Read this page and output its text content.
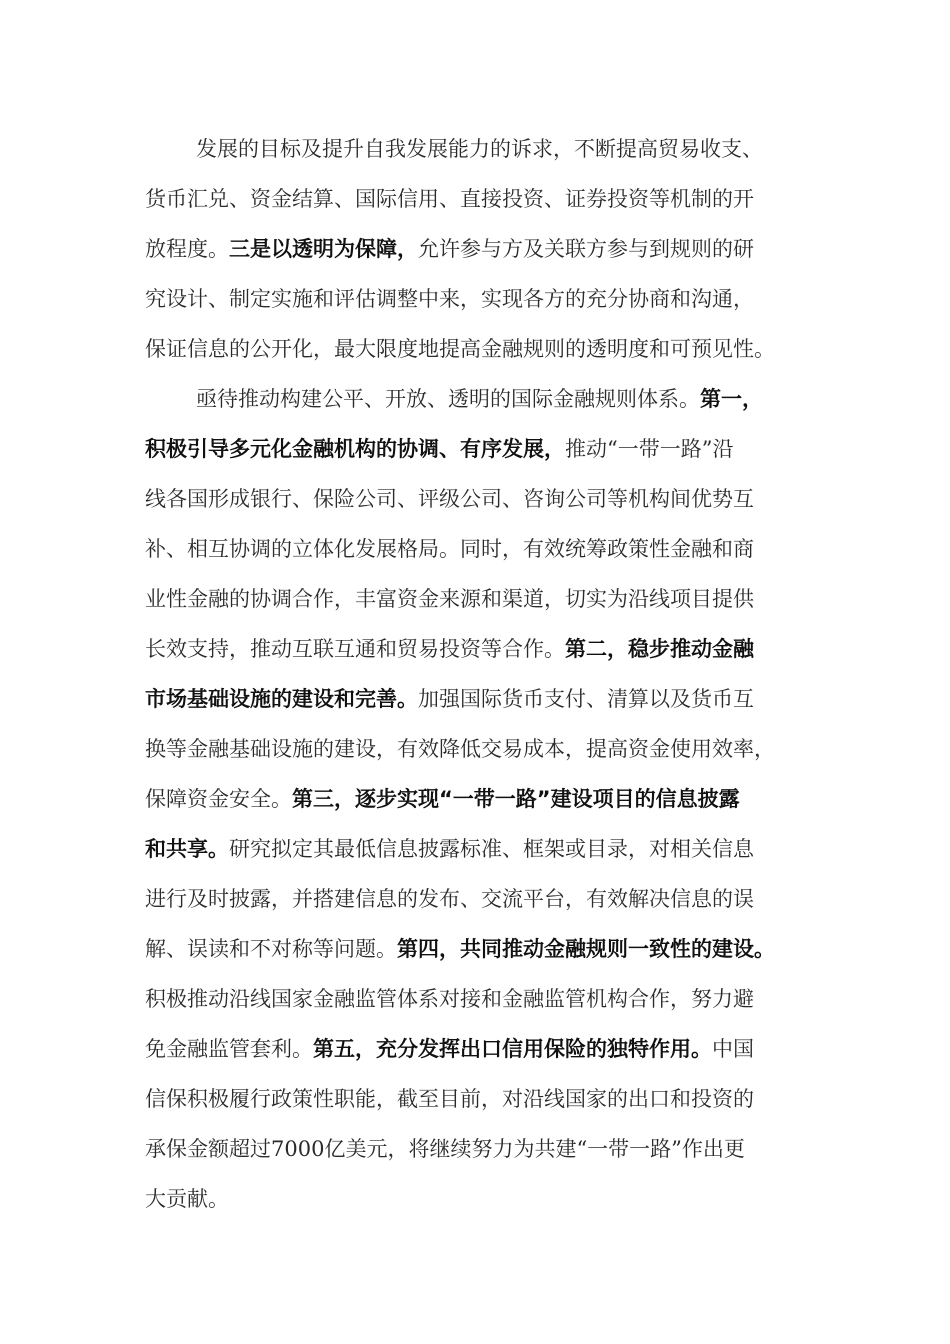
发展的目标及提升自我发展能力的诉求，不断提高贸易收支、
货币汇兑、资金结算、国际信用、直接投资、证券投资等机制的开
放程度。三是以透明为保障，允许参与方及关联方参与到规则的研
究设计、制定实施和评估调整中来，实现各方的充分协商和沟通，
保证信息的公开化，最大限度地提高金融规则的透明度和可预见性。
亟待推动构建公平、开放、透明的国际金融规则体系。第一，
积极引导多元化金融机构的协调、有序发展，推动“一带一路”沿
线各国形成银行、保险公司、评级公司、咨询公司等机构间优势互
补、相互协调的立体化发展格局。同时，有效统筹政策性金融和商
业性金融的协调合作，丰富资金来源和渠道，切实为沿线项目提供
长效支持，推动互联互通和贸易投资等合作。第二，稳步推动金融
市场基础设施的建设和完善。加强国际货币支付、清算以及货币互
换等金融基础设施的建设，有效降低交易成本，提高资金使用效率，
保障资金安全。第三，逐步实现“一带一路”建设项目的信息披露
和共享。研究拟定其最低信息披露标准、框架或目录，对相关信息
进行及时披露，并搭建信息的发布、交流平台，有效解决信息的误
解、误读和不对称等问题。第四，共同推动金融规则一致性的建设。
积极推动沿线国家金融监管体系对接和金融监管机构合作，努力避
免金融监管套利。第五，充分发挥出口信用保险的独特作用。中国
信保积极履行政策性职能，截至目前，对沿线国家的出口和投资的
承保金额超过7000亿美元，将继续努力为共建“一带一路”作出更
大贡献。
